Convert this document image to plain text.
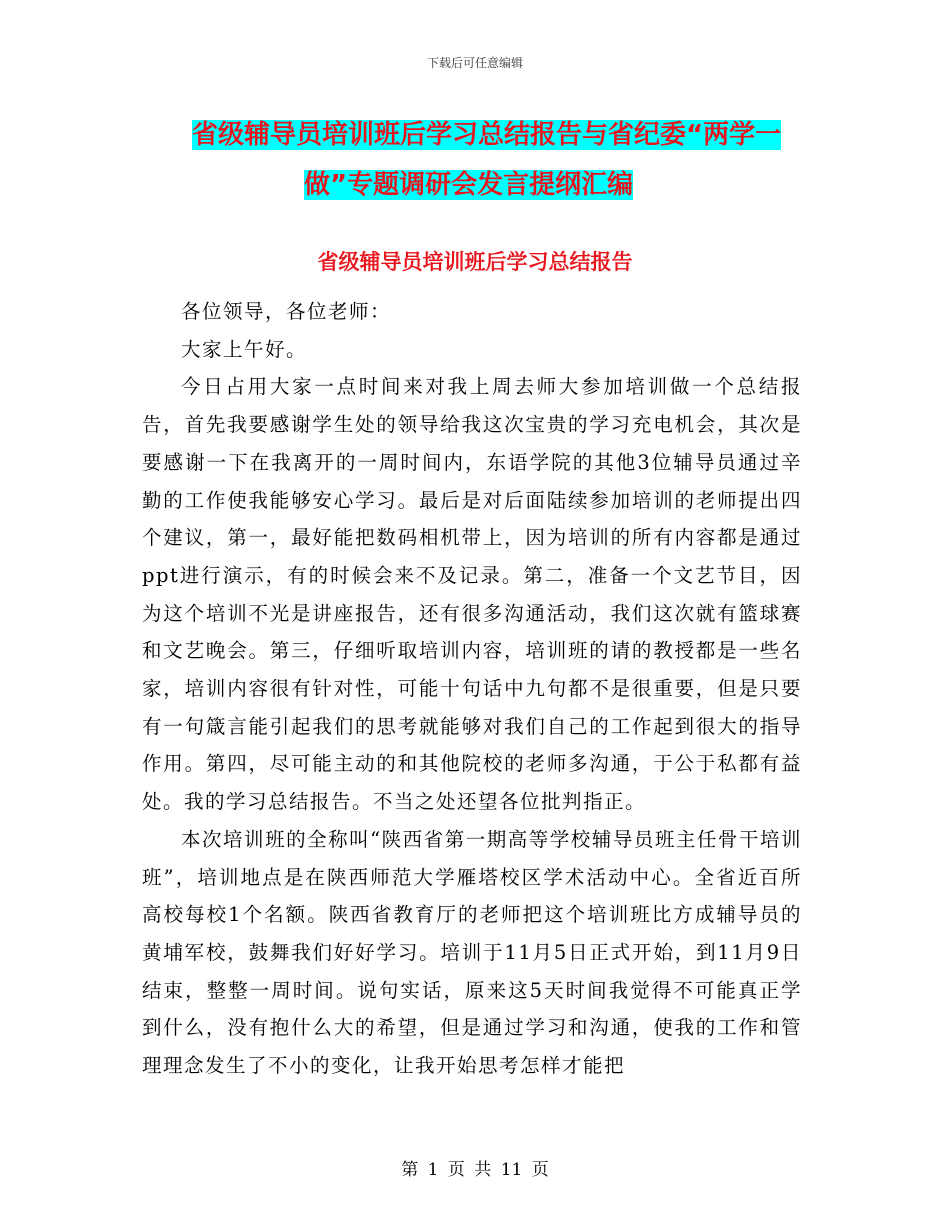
下载后可任意编辑
省级辅导员培训班后学习总结报告与省纪委“两学一
做”专题调研会发言提纲汇编
省级辅导员培训班后学习总结报告

各位领导，各位老师：

大家上午好。

今日占用大家一点时间来对我上周去师大参加培训做一个总结报告，首先我要感谢学生处的领导给我这次宝贵的学习充电机会，其次是要感谢一下在我离开的一周时间内，东语学院的其他3位辅导员通过辛勤的工作使我能够安心学习。最后是对后面陆续参加培训的老师提出四个建议，第一，最好能把数码相机带上，因为培训的所有内容都是通过ppt进行演示，有的时候会来不及记录。第二，准备一个文艺节目，因为这个培训不光是讲座报告，还有很多沟通活动，我们这次就有篮球赛和文艺晚会。第三，仔细听取培训内容，培训班的请的教授都是一些名家，培训内容很有针对性，可能十句话中九句都不是很重要，但是只要有一句箴言能引起我们的思考就能够对我们自己的工作起到很大的指导作用。第四，尽可能主动的和其他院校的老师多沟通，于公于私都有益处。我的学习总结报告。不当之处还望各位批判指正。

本次培训班的全称叫“陕西省第一期高等学校辅导员班主任骨干培训班”，培训地点是在陕西师范大学雁塔校区学术活动中心。全省近百所高校每校1个名额。陕西省教育厅的老师把这个培训班比方成辅导员的黄埔军校，鼓舞我们好好学习。培训于11月5日正式开始，到11月9日结束，整整一周时间。说句实话，原来这5天时间我觉得不可能真正学到什么，没有抱什么大的希望，但是通过学习和沟通，使我的工作和管理理念发生了不小的变化，让我开始思考怎样才能把

第 1 页 共 11 页
